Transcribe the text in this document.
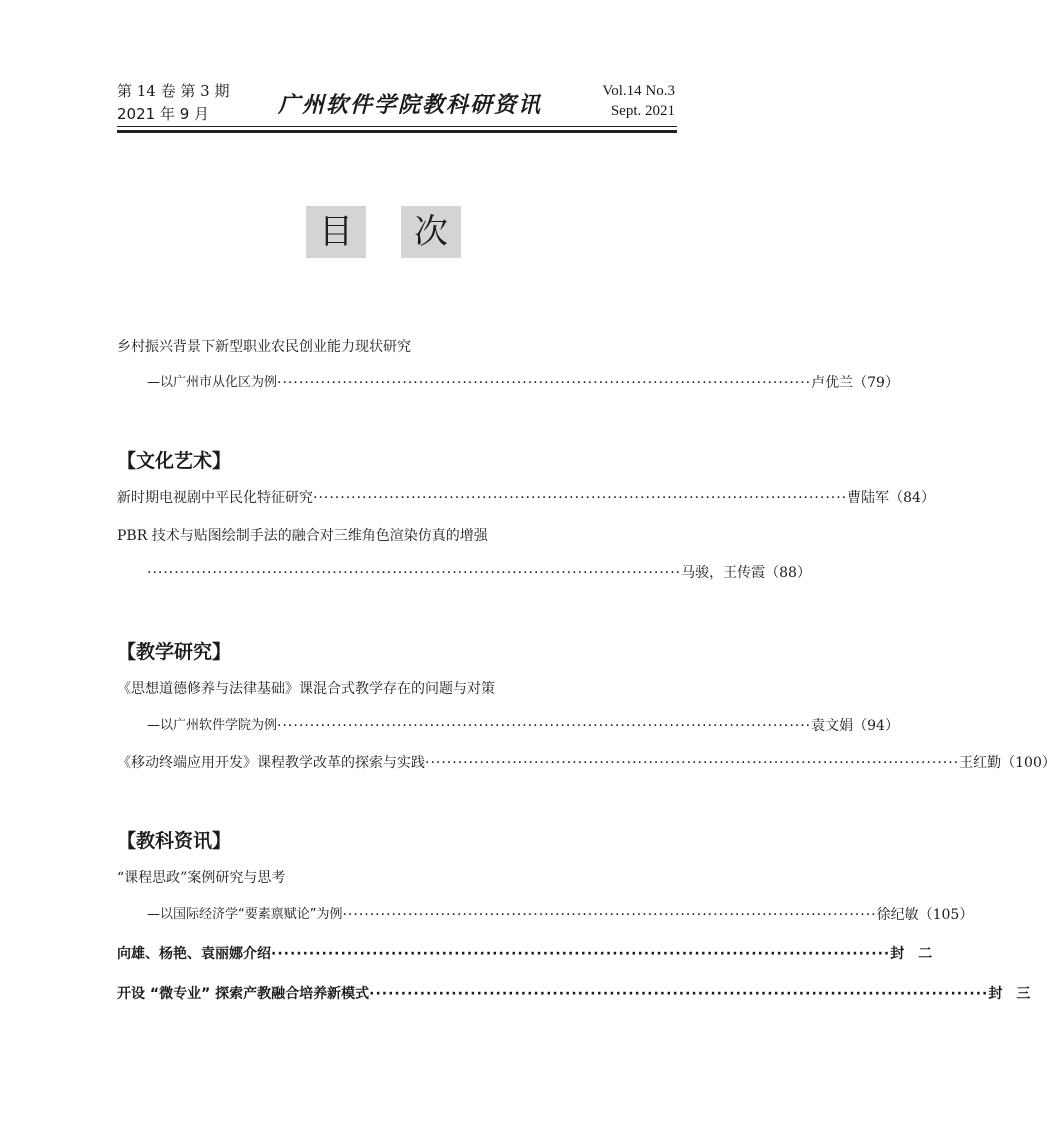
第 14 卷 第 3 期
2021 年 9 月	广州软件学院教科研资讯
Vol.14 No.3
Sept. 2021
目	次
乡村振兴背景下新型职业农民创业能力现状研究
—以广州市从化区为例 ·································································································· 卢优兰（79）
【文化艺术】
新时期电视剧中平民化特征研究 ·································································································· 曹陆军（84）
PBR 技术与贴图绘制手法的融合对三维角色渲染仿真的增强
·································································································· 马骏，王传霞（88）
【教学研究】
《思想道德修养与法律基础》课混合式教学存在的问题与对策
—以广州软件学院为例 ·································································································· 袁文娟（94）
《移动终端应用开发》课程教学改革的探索与实践 ·································································································· 王红勤（100）
【教科资讯】
“课程思政”案例研究与思考
—以国际经济学“要素禀赋论”为例 ·································································································· 徐纪敏（105）
向雄、杨艳、袁丽娜介绍 ·································································································· 封　二
开设 “微专业” 探索产教融合培养新模式 ·································································································· 封　三
